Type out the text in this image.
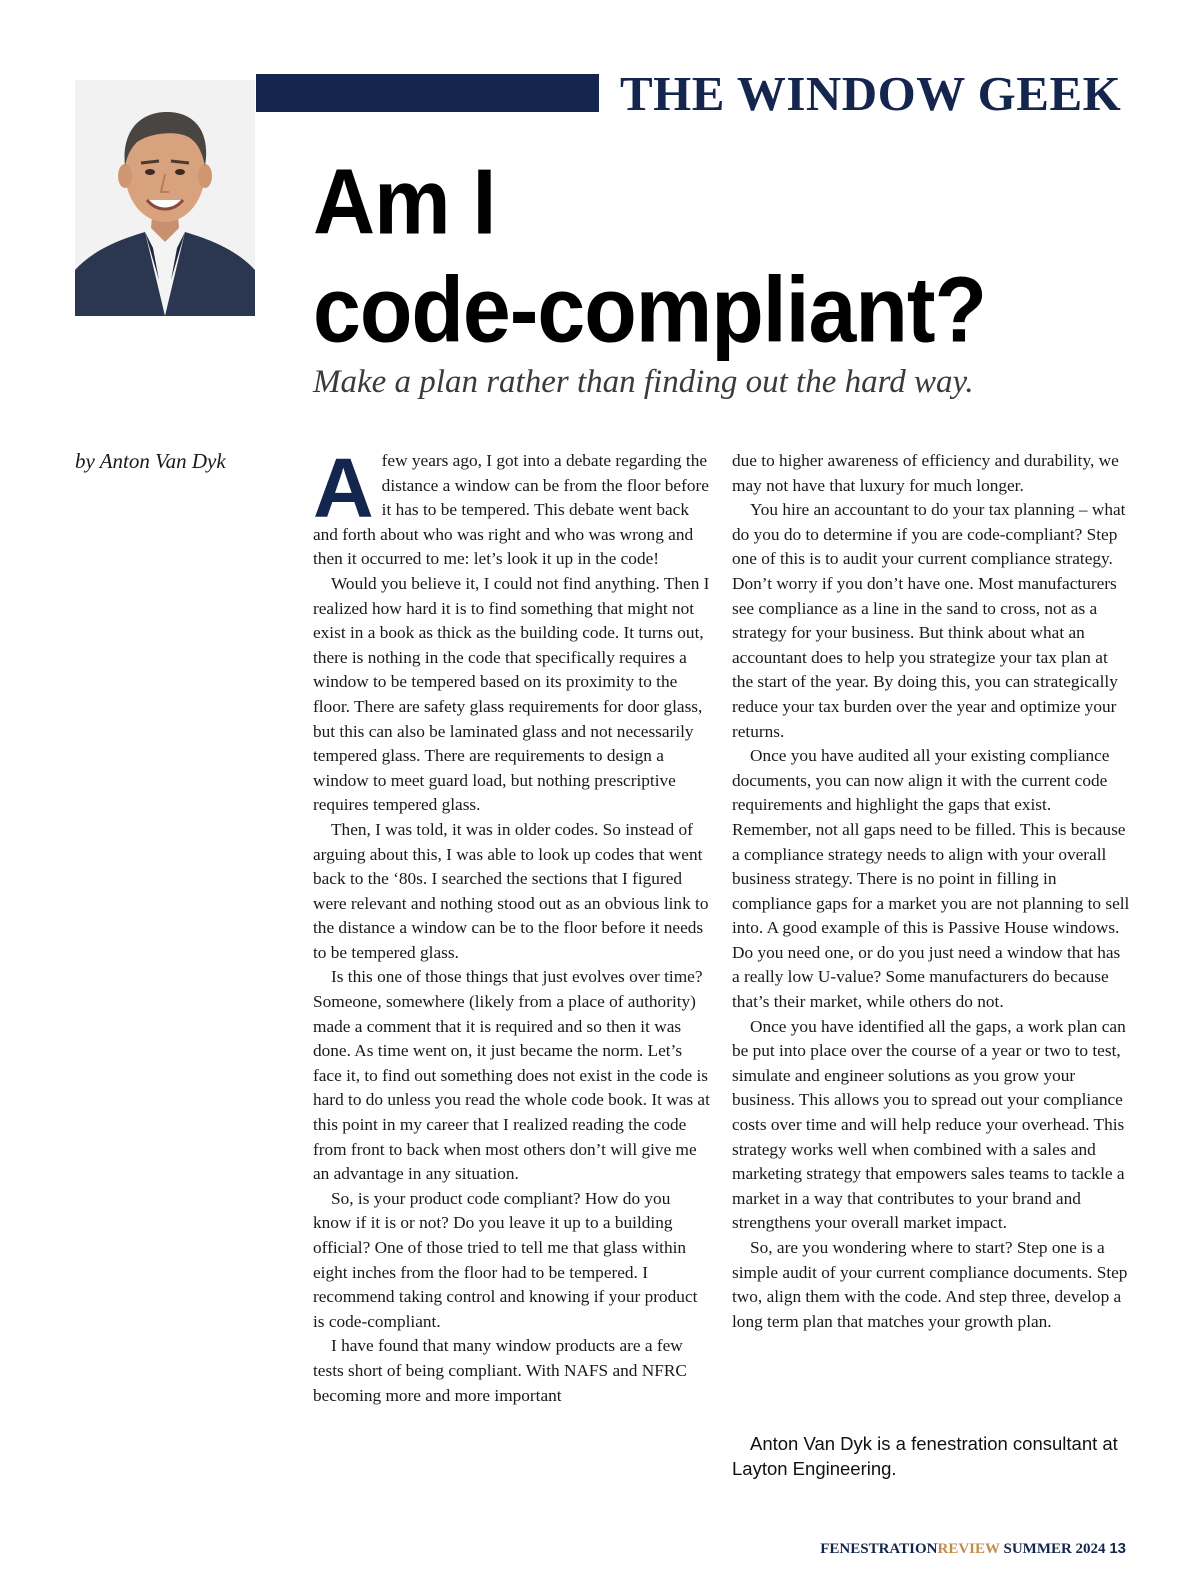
THE WINDOW GEEK
Am I
code-compliant?

Make a plan rather than finding out the hard way.

by Anton Van Dyk	Afew years ago, I got into a debate regarding the distance a window can be from the floor before it has to be tempered. This debate went back and forth about who was right and who was wrong and then it occurred to me: let’s look it up in the code!

Would you believe it, I could not find anything. Then I realized how hard it is to find something that might not exist in a book as thick as the building code. It turns out, there is nothing in the code that specifically requires a window to be tempered based on its proximity to the floor. There are safety glass requirements for door glass, but this can also be laminated glass and not necessarily tempered glass. There are requirements to design a window to meet guard load, but nothing prescriptive requires tempered glass.

Then, I was told, it was in older codes. So instead of arguing about this, I was able to look up codes that went back to the ‘80s. I searched the sections that I figured were relevant and nothing stood out as an obvious link to the distance a window can be to the floor before it needs to be tempered glass.

Is this one of those things that just evolves over time? Someone, somewhere (likely from a place of authority) made a comment that it is required and so then it was done. As time went on, it just became the norm. Let’s face it, to find out something does not exist in the code is hard to do unless you read the whole code book. It was at this point in my career that I realized reading the code from front to back when most others don’t will give me an advantage in any situation.

So, is your product code compliant? How do you know if it is or not? Do you leave it up to a building official? One of those tried to tell me that glass within eight inches from the floor had to be tempered. I recommend taking control and knowing if your product is code-compliant.

I have found that many window products are a few tests short of being compliant. With NAFS and NFRC becoming more and more important

due to higher awareness of efficiency and durability, we may not have that luxury for much longer.

You hire an accountant to do your tax planning – what do you do to determine if you are code-compliant? Step one of this is to audit your current compliance strategy. Don’t worry if you don’t have one. Most manufacturers see compliance as a line in the sand to cross, not as a strategy for your business. But think about what an accountant does to help you strategize your tax plan at the start of the year. By doing this, you can strategically reduce your tax burden over the year and optimize your returns.

Once you have audited all your existing compliance documents, you can now align it with the current code requirements and highlight the gaps that exist. Remember, not all gaps need to be filled. This is because a compliance strategy needs to align with your overall business strategy. There is no point in filling in compliance gaps for a market you are not planning to sell into. A good example of this is Passive House windows. Do you need one, or do you just need a window that has a really low U-value? Some manufacturers do because that’s their market, while others do not.

Once you have identified all the gaps, a work plan can be put into place over the course of a year or two to test, simulate and engineer solutions as you grow your business. This allows you to spread out your compliance costs over time and will help reduce your overhead. This strategy works well when combined with a sales and marketing strategy that empowers sales teams to tackle a market in a way that contributes to your brand and strengthens your overall market impact.

So, are you wondering where to start? Step one is a simple audit of your current compliance documents. Step two, align them with the code. And step three, develop a long term plan that matches your growth plan.

Anton Van Dyk is a fenestration consultant at Layton Engineering.

FENESTRATIONREVIEW SUMMER 2024 13
